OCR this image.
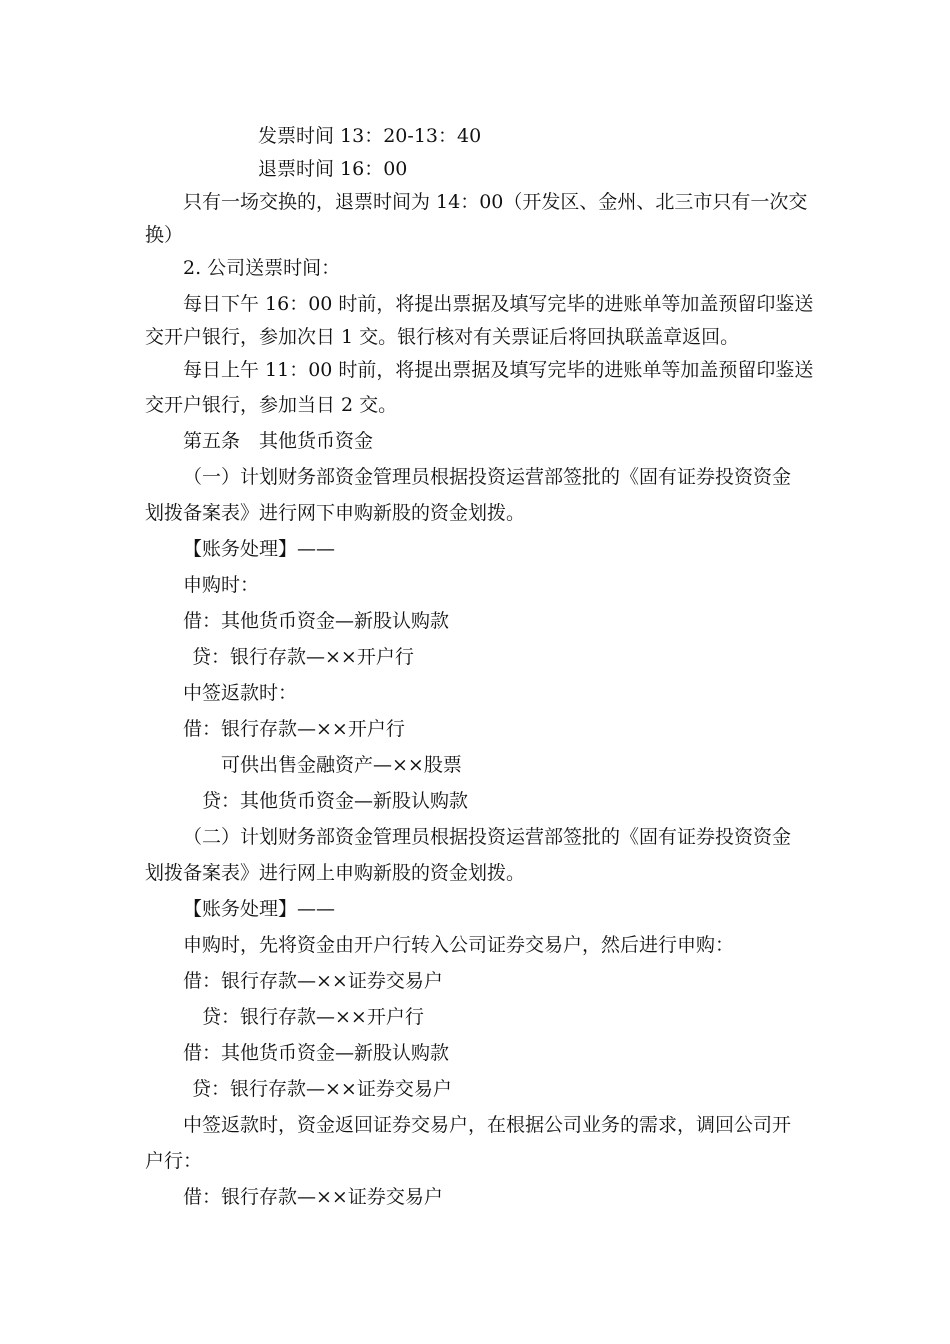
发票时间 13：20-13：40
退票时间 16：00
只有一场交换的，退票时间为 14：00（开发区、金州、北三市只有一次交
换）
2. 公司送票时间：
每日下午 16：00 时前，将提出票据及填写完毕的进账单等加盖预留印鉴送
交开户银行，参加次日 1 交。银行核对有关票证后将回执联盖章返回。
每日上午 11：00 时前，将提出票据及填写完毕的进账单等加盖预留印鉴送
交开户银行，参加当日 2 交。
第五条　其他货币资金
（一）计划财务部资金管理员根据投资运营部签批的《固有证券投资资金
划拨备案表》进行网下申购新股的资金划拨。
【账务处理】——
申购时：
借：其他货币资金—新股认购款
贷：银行存款—××开户行
中签返款时：
借：银行存款—××开户行
可供出售金融资产—××股票
贷：其他货币资金—新股认购款
（二）计划财务部资金管理员根据投资运营部签批的《固有证券投资资金
划拨备案表》进行网上申购新股的资金划拨。
【账务处理】——
申购时，先将资金由开户行转入公司证券交易户，然后进行申购：
借：银行存款—××证券交易户
贷：银行存款—××开户行
借：其他货币资金—新股认购款
贷：银行存款—××证券交易户
中签返款时，资金返回证券交易户，在根据公司业务的需求，调回公司开
户行：
借：银行存款—××证券交易户
